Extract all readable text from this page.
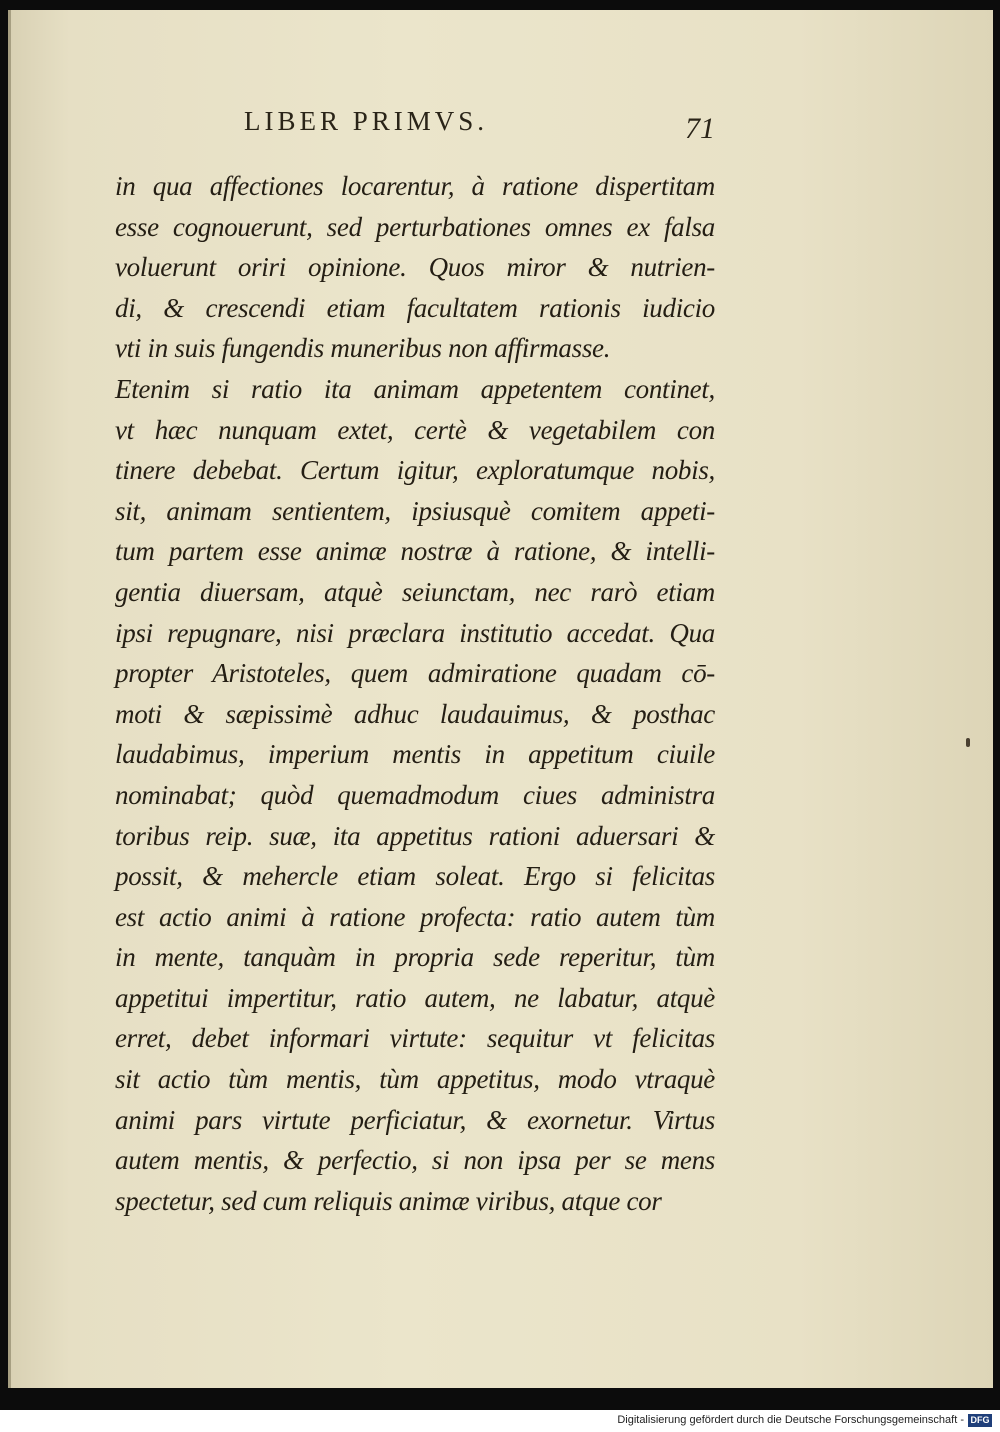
LIBER PRIMVS.	71
in qua affectiones locarentur, à ratione dispertitam
esse cognouerunt, sed perturbationes omnes ex falsa
voluerunt oriri opinione. Quos miror & nutrien-
di, & crescendi etiam facultatem rationis iudicio
vti in suis fungendis muneribus non affirmasse.
Etenim si ratio ita animam appetentem continet,
vt hæc nunquam extet, certè & vegetabilem con
tinere debebat. Certum igitur, exploratumque nobis,
sit, animam sentientem, ipsiusquè comitem appeti-
tum partem esse animæ nostræ à ratione, & intelli-
gentia diuersam, atquè seiunctam, nec rarò etiam
ipsi repugnare, nisi præclara institutio accedat. Qua
propter Aristoteles, quem admiratione quadam cō-
moti & sæpissimè adhuc laudauimus, & posthac
laudabimus, imperium mentis in appetitum ciuile
nominabat; quòd quemadmodum ciues administra
toribus reip. suæ, ita appetitus rationi aduersari &
possit, & mehercle etiam soleat. Ergo si felicitas
est actio animi à ratione profecta: ratio autem tùm
in mente, tanquàm in propria sede reperitur, tùm
appetitui impertitur, ratio autem, ne labatur, atquè
erret, debet informari virtute: sequitur vt felicitas
sit actio tùm mentis, tùm appetitus, modo vtraquè
animi pars virtute perficiatur, & exornetur. Virtus
autem mentis, & perfectio, si non ipsa per se mens
spectetur, sed cum reliquis animæ viribus, atque cor
Digitalisierung gefördert durch die Deutsche Forschungsgemeinschaft - DFG
